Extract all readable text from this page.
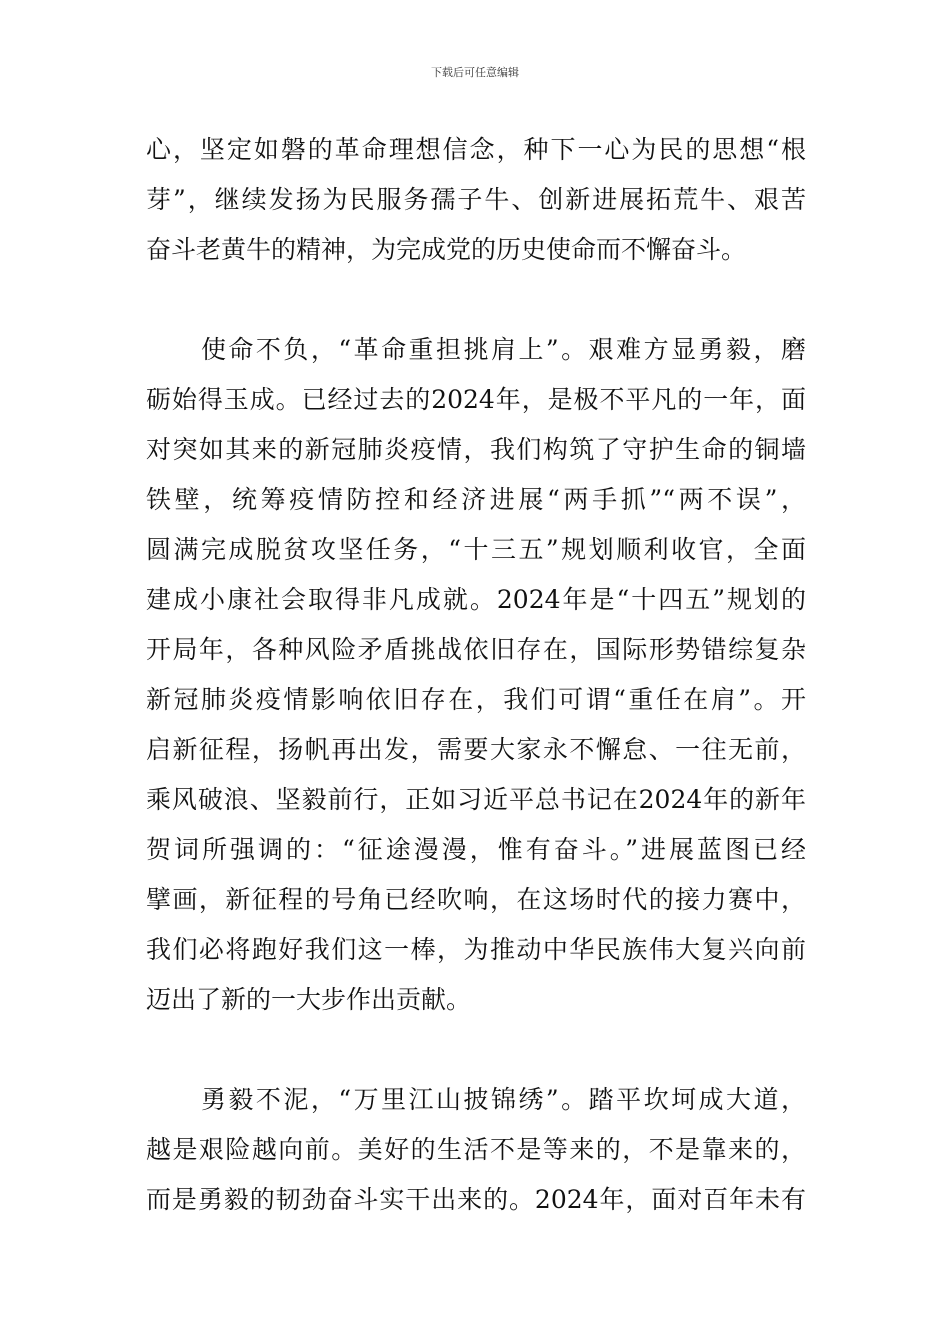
下载后可任意编辑
心，坚定如磐的革命理想信念，种下一心为民的思想“根
芽”，继续发扬为民服务孺子牛、创新进展拓荒牛、艰苦
奋斗老黄牛的精神，为完成党的历史使命而不懈奋斗。
　　使命不负，“革命重担挑肩上”。艰难方显勇毅，磨
砺始得玉成。已经过去的2024年，是极不平凡的一年，面
对突如其来的新冠肺炎疫情，我们构筑了守护生命的铜墙
铁壁，统筹疫情防控和经济进展“两手抓”“两不误”，
圆满完成脱贫攻坚任务，“十三五”规划顺利收官，全面
建成小康社会取得非凡成就。2024年是“十四五”规划的
开局年，各种风险矛盾挑战依旧存在，国际形势错综复杂
新冠肺炎疫情影响依旧存在，我们可谓“重任在肩”。开
启新征程，扬帆再出发，需要大家永不懈怠、一往无前，
乘风破浪、坚毅前行，正如习近平总书记在2024年的新年
贺词所强调的：“征途漫漫，惟有奋斗。”进展蓝图已经
擘画，新征程的号角已经吹响，在这场时代的接力赛中，
我们必将跑好我们这一棒，为推动中华民族伟大复兴向前
迈出了新的一大步作出贡献。
　　勇毅不泥，“万里江山披锦绣”。踏平坎坷成大道，
越是艰险越向前。美好的生活不是等来的，不是靠来的，
而是勇毅的韧劲奋斗实干出来的。2024年，面对百年未有
